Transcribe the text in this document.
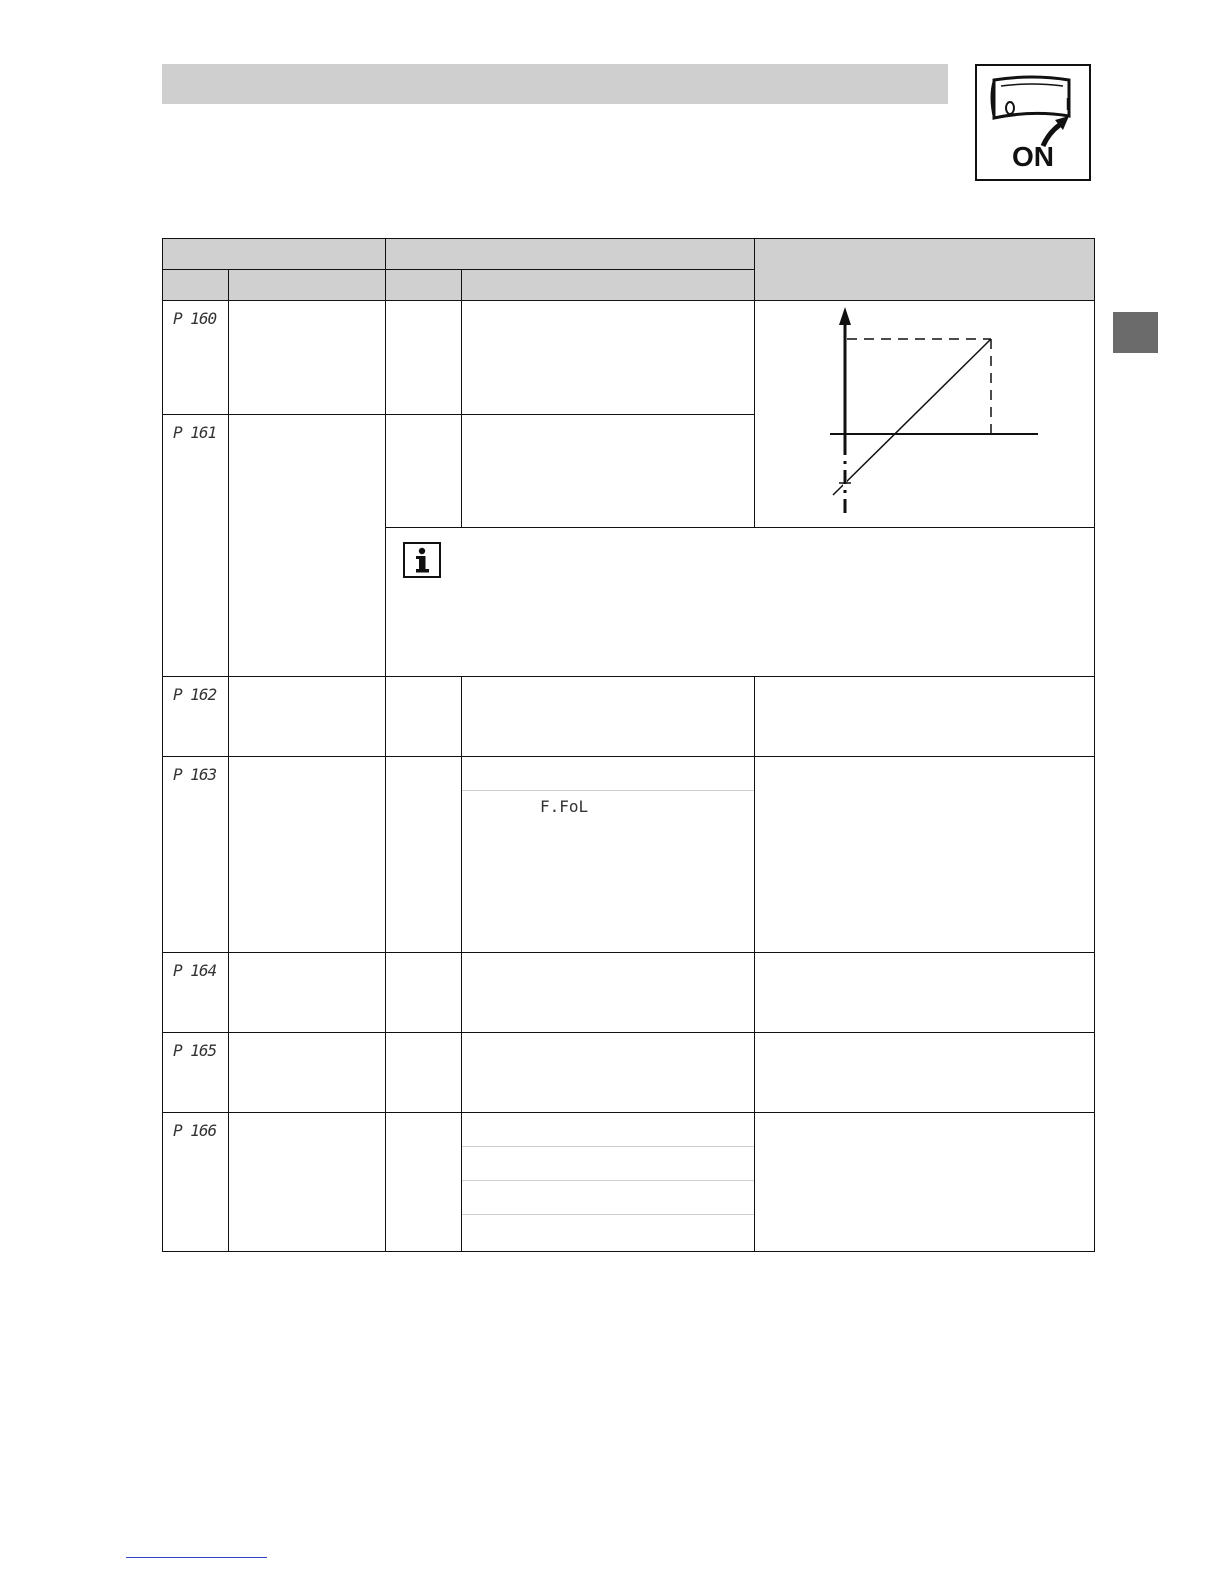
ON

P 160

P 161				

P 162				

P 163			F.FoL	

P 164				

P 165				

P 166				
